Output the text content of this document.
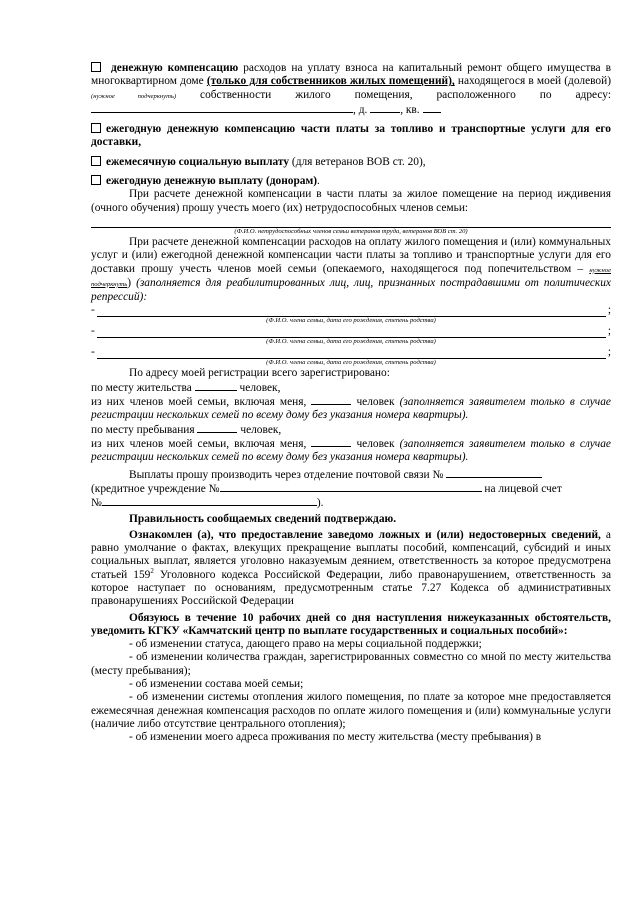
денежную компенсацию расходов на уплату взноса на капитальный ремонт общего имущества в многоквартирном доме (только для собственников жилых помещений), находящегося в моей (долевой) (нужное подчеркнуть) собственности жилого помещения, расположенного по адресу: , д.	, кв.

ежегодную денежную компенсацию части платы за топливо и транспортные услуги для его доставки,

ежемесячную социальную выплату (для ветеранов ВОВ ст. 20),

ежегодную денежную выплату (донорам).

При расчете денежной компенсации в части платы за жилое помещение на период иждивения (очного обучения) прошу учесть моего (их) нетрудоспособных членов семьи:

(Ф.И.О. нетрудоспособных членов семьи ветеранов труда, ветеранов ВОВ ст. 20)

При расчете денежной компенсации расходов на оплату жилого помещения и (или) коммунальных услуг и (или) ежегодной денежной компенсации части платы за топливо и транспортные услуги для его доставки прошу учесть членов моей семьи (опекаемого, находящегося под попечительством – нужное подчеркнуть) (заполняется для реабилитированных лиц, лиц, признанных пострадавшими от политических репрессий):

-	;

(Ф.И.О. члена семьи, дата его рождения, степень родства)

-	;

(Ф.И.О. члена семьи, дата его рождения, степень родства)

-	;

(Ф.И.О. члена семьи, дата его рождения, степень родства)

По адресу моей регистрации всего зарегистрировано:

по месту жительства	человек,

из них членов моей семьи, включая меня,	человек (заполняется заявителем только в случае регистрации нескольких семей по всему дому без указания номера квартиры).

по месту пребывания	человек,

из них членов моей семьи, включая меня,	человек (заполняется заявителем только в случае регистрации нескольких семей по всему дому без указания номера квартиры).

Выплаты прошу производить через отделение почтовой связи №

(кредитное учреждение №	на лицевой счет

№	).

Правильность сообщаемых сведений подтверждаю.

Ознакомлен (а), что предоставление заведомо ложных и (или) недостоверных сведений, а равно умолчание о фактах, влекущих прекращение выплаты пособий, компенсаций, субсидий и иных социальных выплат, является уголовно наказуемым деянием, ответственность за которое предусмотрена статьей $159^2$ Уголовного кодекса Российской Федерации, либо правонарушением, ответственность за которое наступает по основаниям, предусмотренным статье 7.27 Кодекса об административных правонарушениях Российской Федерации

Обязуюсь в течение 10 рабочих дней со дня наступления нижеуказанных обстоятельств, уведомить КГКУ «Камчатский центр по выплате государственных и социальных пособий»:

- об изменении статуса, дающего право на меры социальной поддержки;

- об изменении количества граждан, зарегистрированных совместно со мной по месту жительства (месту пребывания);

- об изменении состава моей семьи;

- об изменении системы отопления жилого помещения, по плате за которое мне предоставляется ежемесячная денежная компенсация расходов по оплате жилого помещения и (или) коммунальные услуги (наличие либо отсутствие центрального отопления);

- об изменении моего адреса проживания по месту жительства (месту пребывания) в
